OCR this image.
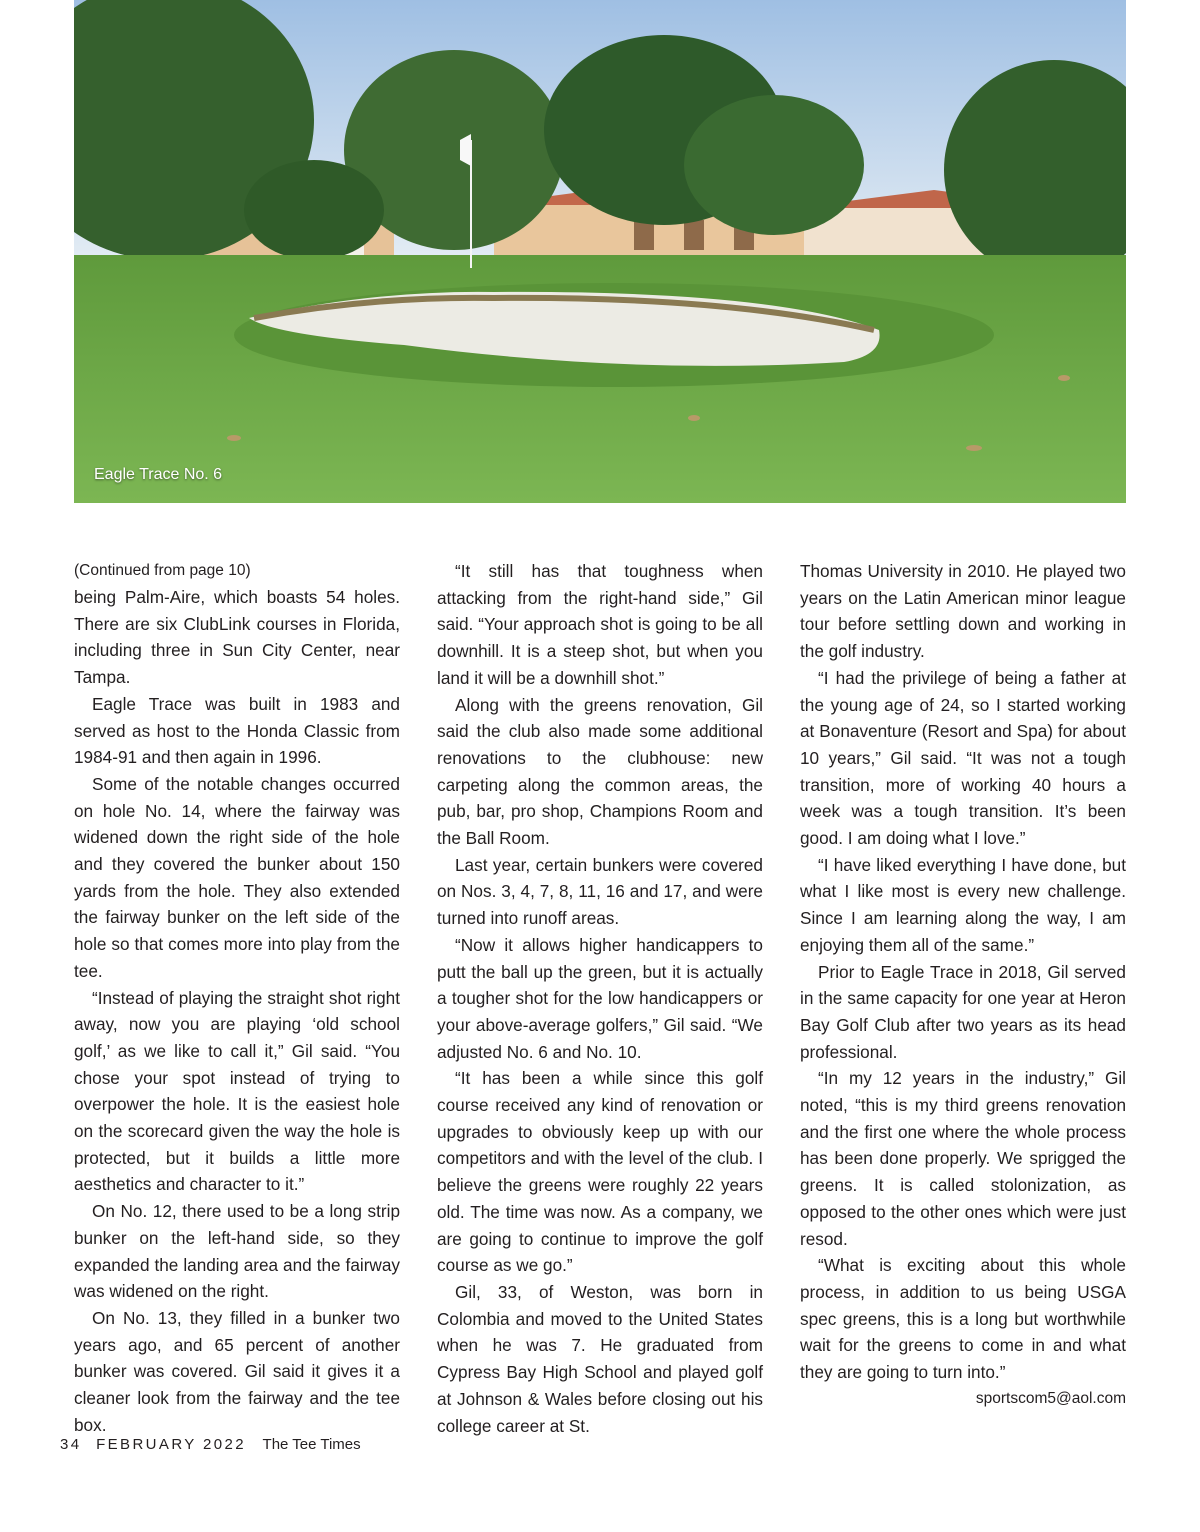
Eagle Trace No. 6
(Continued from page 10)

being Palm-Aire, which boasts 54 holes. There are six ClubLink courses in Florida, including three in Sun City Center, near Tampa.

Eagle Trace was built in 1983 and served as host to the Honda Classic from 1984-91 and then again in 1996.

Some of the notable changes occurred on hole No. 14, where the fairway was widened down the right side of the hole and they covered the bunker about 150 yards from the hole. They also extended the fairway bunker on the left side of the hole so that comes more into play from the tee.

“Instead of playing the straight shot right away, now you are playing ‘old school golf,’ as we like to call it,” Gil said. “You chose your spot instead of trying to overpower the hole. It is the easiest hole on the scorecard given the way the hole is protected, but it builds a little more aesthetics and character to it.”

On No. 12, there used to be a long strip bunker on the left-hand side, so they expanded the landing area and the fairway was widened on the right.

On No. 13, they filled in a bunker two years ago, and 65 percent of another bunker was covered. Gil said it gives it a cleaner look from the fairway and the tee box.

“It still has that toughness when attacking from the right-hand side,” Gil said. “Your approach shot is going to be all downhill. It is a steep shot, but when you land it will be a downhill shot.”

Along with the greens renovation, Gil said the club also made some additional renovations to the clubhouse: new carpeting along the common areas, the pub, bar, pro shop, Champions Room and the Ball Room.

Last year, certain bunkers were covered on Nos. 3, 4, 7, 8, 11, 16 and 17, and were turned into runoff areas.

“Now it allows higher handicappers to putt the ball up the green, but it is actually a tougher shot for the low handicappers or your above-average golfers,” Gil said. “We adjusted No. 6 and No. 10.

“It has been a while since this golf course received any kind of renovation or upgrades to obviously keep up with our competitors and with the level of the club. I believe the greens were roughly 22 years old. The time was now. As a company, we are going to continue to improve the golf course as we go.”

Gil, 33, of Weston, was born in Colombia and moved to the United States when he was 7. He graduated from Cypress Bay High School and played golf at Johnson & Wales before closing out his college career at St.

Thomas University in 2010. He played two years on the Latin American minor league tour before settling down and working in the golf industry.

“I had the privilege of being a father at the young age of 24, so I started working at Bonaventure (Resort and Spa) for about 10 years,” Gil said. “It was not a tough transition, more of working 40 hours a week was a tough transition. It’s been good. I am doing what I love.”

“I have liked everything I have done, but what I like most is every new challenge. Since I am learning along the way, I am enjoying them all of the same.”

Prior to Eagle Trace in 2018, Gil served in the same capacity for one year at Heron Bay Golf Club after two years as its head professional.

“In my 12 years in the industry,” Gil noted, “this is my third greens renovation and the first one where the whole process has been done properly. We sprigged the greens. It is called stolonization, as opposed to the other ones which were just resod.

“What is exciting about this whole process, in addition to us being USGA spec greens, this is a long but worthwhile wait for the greens to come in and what they are going to turn into.”

sportscom5@aol.com
34 FEBRUARY 2022 The Tee Times
